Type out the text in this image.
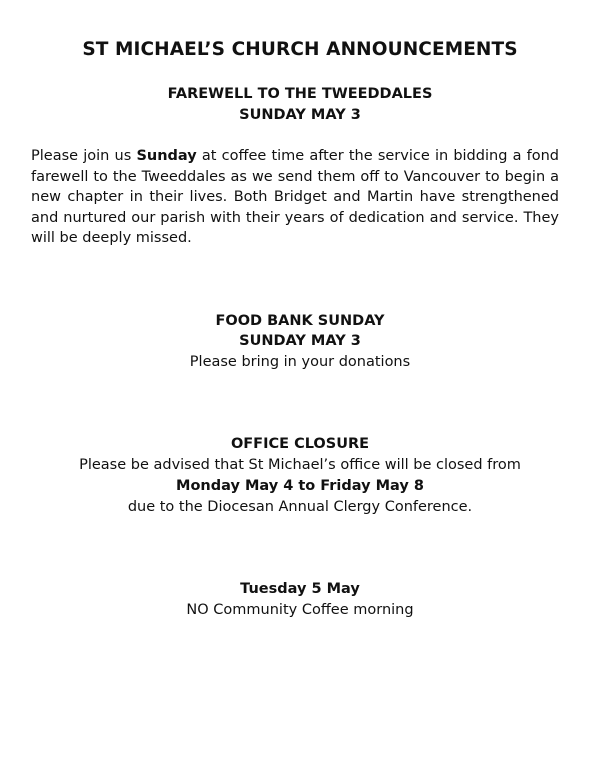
ST MICHAEL’S CHURCH ANNOUNCEMENTS
FAREWELL TO THE TWEEDDALES
SUNDAY MAY 3
Please join us Sunday at coffee time after the service in bidding a fond farewell to the Tweeddales as we send them off to Vancouver to begin a new chapter in their lives. Both Bridget and Martin have strengthened and nurtured our parish with their years of dedication and service. They will be deeply missed.
FOOD BANK SUNDAY
SUNDAY MAY 3
Please bring in your donations
OFFICE CLOSURE
Please be advised that St Michael’s office will be closed from
Monday May 4 to Friday May 8
due to the Diocesan Annual Clergy Conference.
Tuesday 5 May
NO Community Coffee morning
